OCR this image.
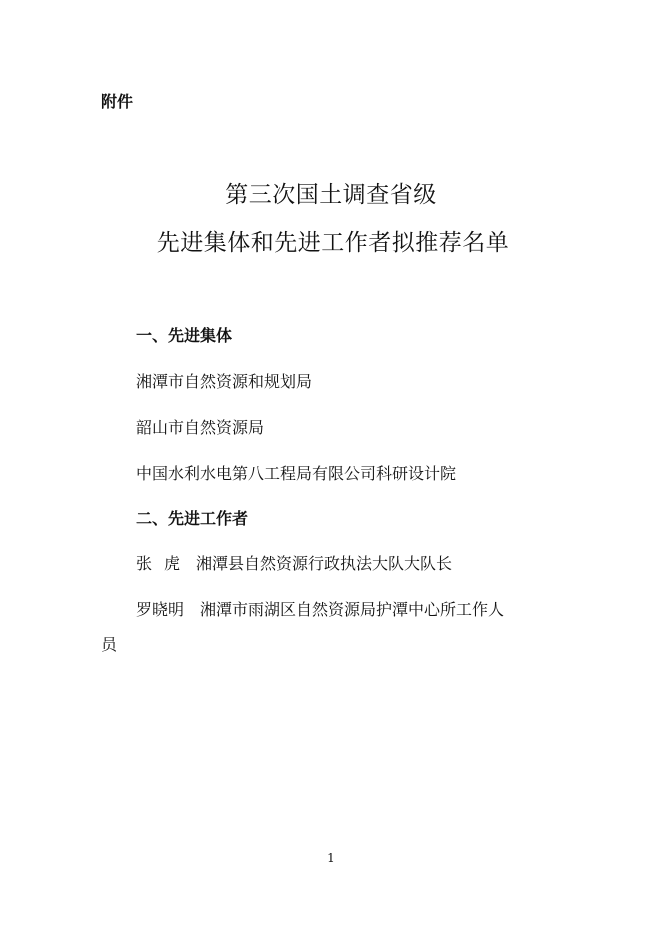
附件
第三次国土调查省级
先进集体和先进工作者拟推荐名单
一、先进集体
湘潭市自然资源和规划局
韶山市自然资源局
中国水利水电第八工程局有限公司科研设计院
二、先进工作者
张 虎 湘潭县自然资源行政执法大队大队长
罗晓明 湘潭市雨湖区自然资源局护潭中心所工作人
员
1
